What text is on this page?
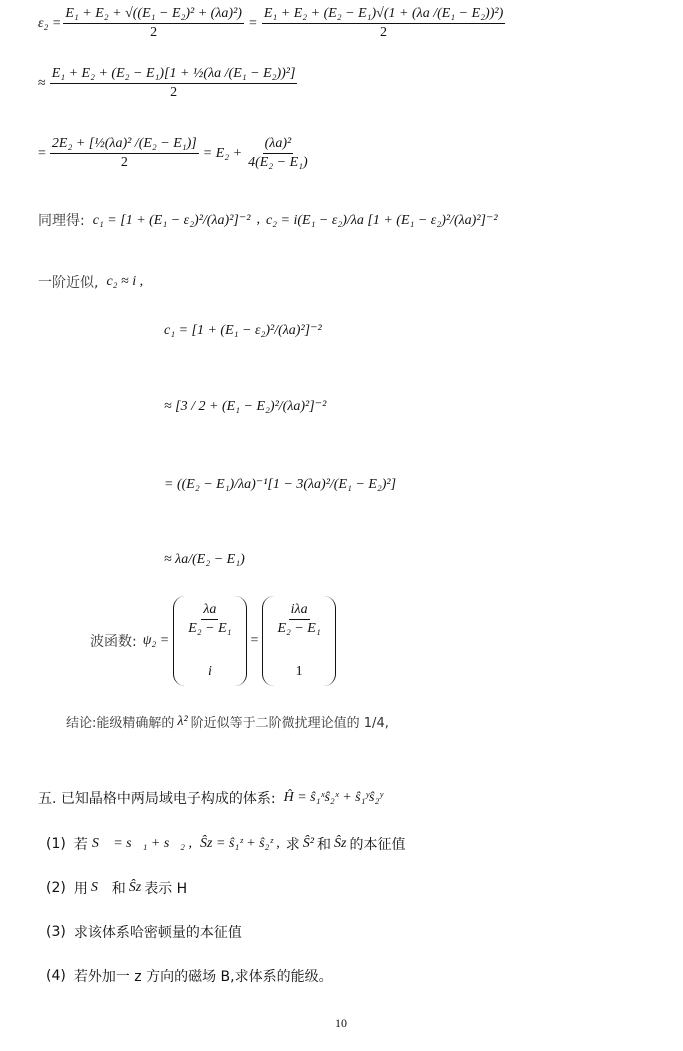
$\varepsilon_2 = \frac{\text{E₁ + E₂ + √((E₁ − E₂)² + (λa)²)}}{2} = \frac{\text{E₁ + E₂ + (E₂ − E₁)√(1 + (λa /(E₁ − E₂))²)}}{2}$
≈ $\frac{\text{E₁ + E₂ + (E₂ − E₁)[1 + ½(λa /(E₁ − E₂))²]}}{2}$
= $\frac{\text{2E₂ + [½(λa)² /(E₂ − E₁)]}}{2} = E_2 + \frac{\text{(λa)²}}{\text{4(E₂ − E₁)}}$
同理得: c₁ = [1 + (E₁ − ε₂)²/(λa)²]⁻² , c₂ = i(E₁ − ε₂)/λa [1 + (E₁ − ε₂)²/(λa)²]⁻²
一阶近似, c₂ ≈ i ,
c₁ = [1 + (E₁ − ε₂)²/(λa)²]⁻²
≈ [3 / 2 + (E₁ − E₂)²/(λa)²]⁻²
= ((E₂ − E₁)/λa)⁻¹[1 − 3(λa)²/(E₁ − E₂)²]
≈ λa/(E₂ − E₁)
波函数: ψ₂ =
$\frac{\lambda a}{\text{E₂ − E₁}}$
i
=
$\frac{\text{iλa}}{\text{E₂ − E₁}}$
1
结论:能级精确解的 λ² 阶近似等于二阶微扰理论值的 1/4,
五. 已知晶格中两局域电子构成的体系: Ĥ = ŝ₁ˣŝ₂ˣ + ŝ₁ʸŝ₂ʸ
(1) 若 S⃗ = s⃗₁ + s⃗₂ , Ŝz = ŝ₁ᶻ + ŝ₂ᶻ , 求 Ŝ² 和 Ŝz 的本征值
(2) 用 S⃗ 和 Ŝz 表示 H
(3) 求该体系哈密顿量的本征值
(4) 若外加一 z 方向的磁场 B,求体系的能级。
10
